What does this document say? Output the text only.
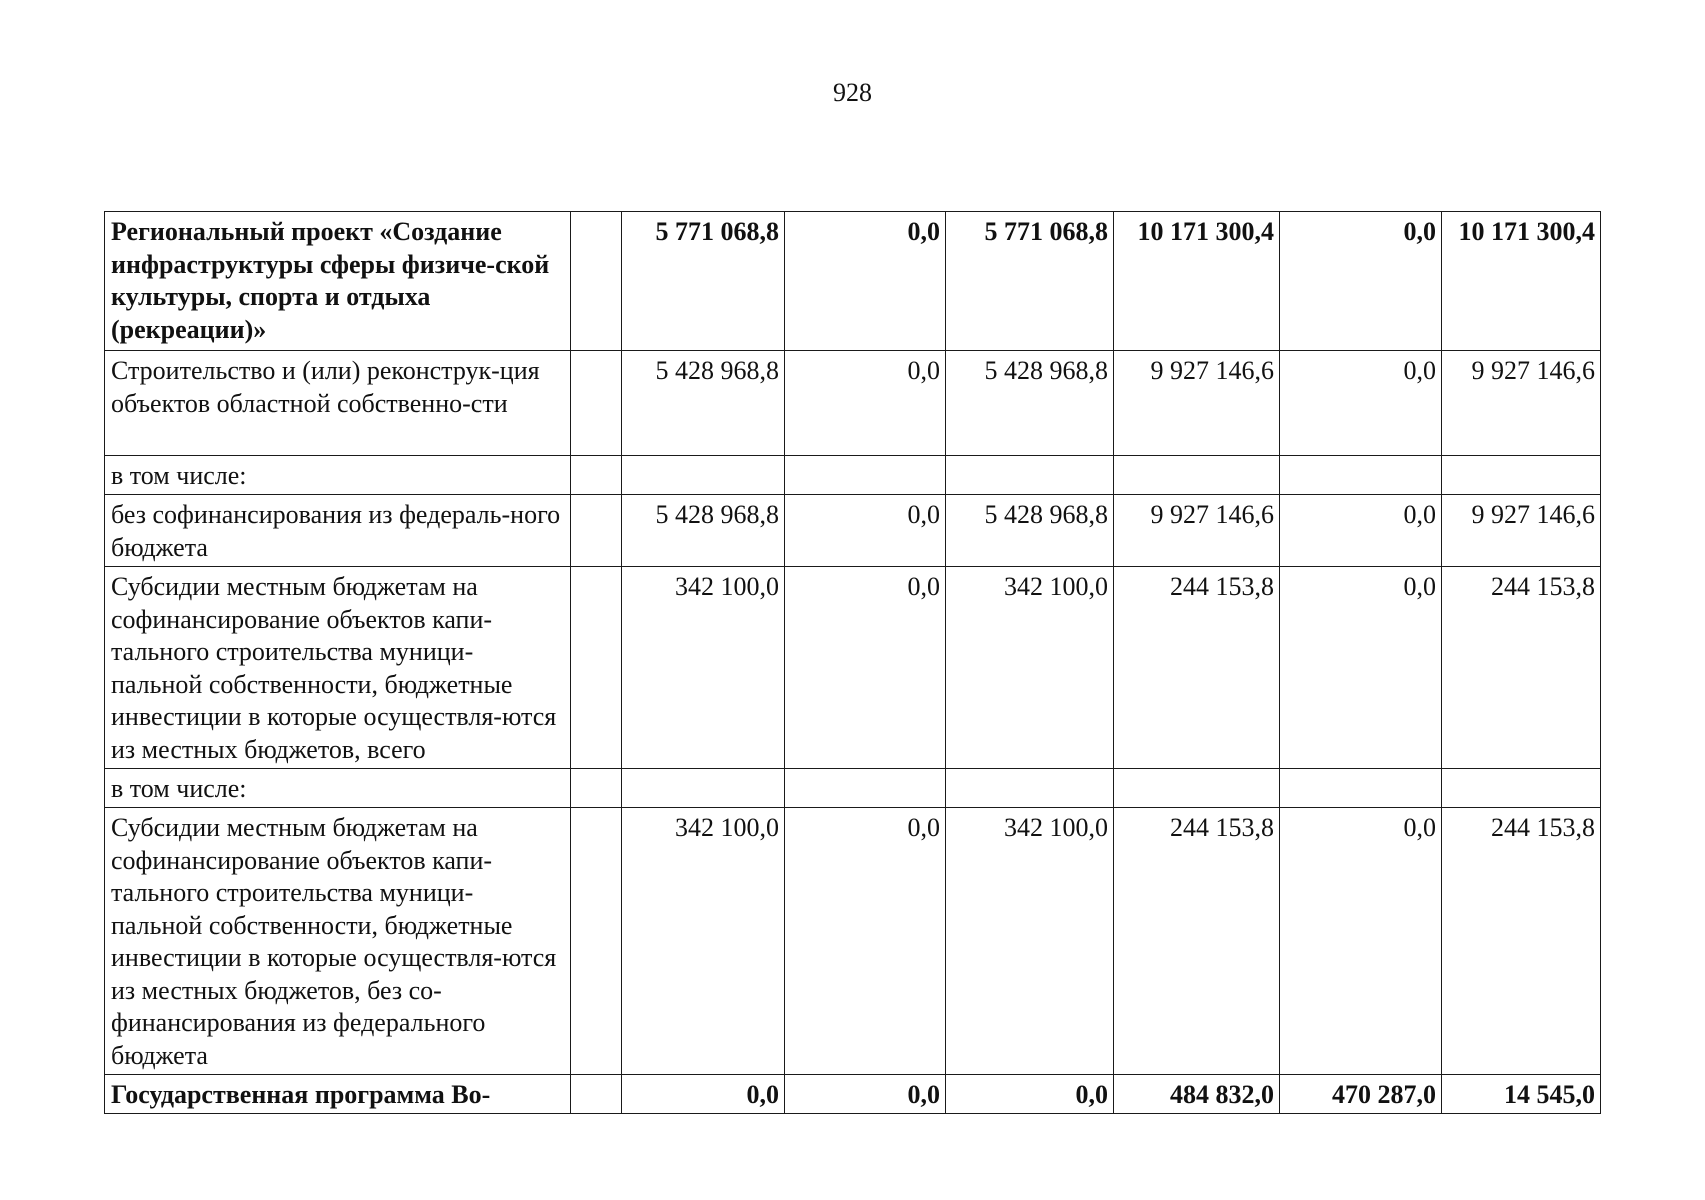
928
Региональный проект «Создание инфраструктуры сферы физиче-ской культуры, спорта и отдыха (рекреации)»		5 771 068,8	0,0	5 771 068,8	10 171 300,4	0,0	10 171 300,4
Строительство и (или) реконструк-ция объектов областной собственно-сти		5 428 968,8	0,0	5 428 968,8	9 927 146,6	0,0	9 927 146,6
в том числе:							
без софинансирования из федераль-ного бюджета		5 428 968,8	0,0	5 428 968,8	9 927 146,6	0,0	9 927 146,6
Субсидии местным бюджетам на софинансирование объектов капи-тального строительства муници-пальной собственности, бюджетные инвестиции в которые осуществля-ются из местных бюджетов, всего		342 100,0	0,0	342 100,0	244 153,8	0,0	244 153,8
в том числе:							
Субсидии местным бюджетам на софинансирование объектов капи-тального строительства муници-пальной собственности, бюджетные инвестиции в которые осуществля-ются из местных бюджетов, без со-финансирования из федерального бюджета		342 100,0	0,0	342 100,0	244 153,8	0,0	244 153,8
Государственная программа Во-		0,0	0,0	0,0	484 832,0	470 287,0	14 545,0
